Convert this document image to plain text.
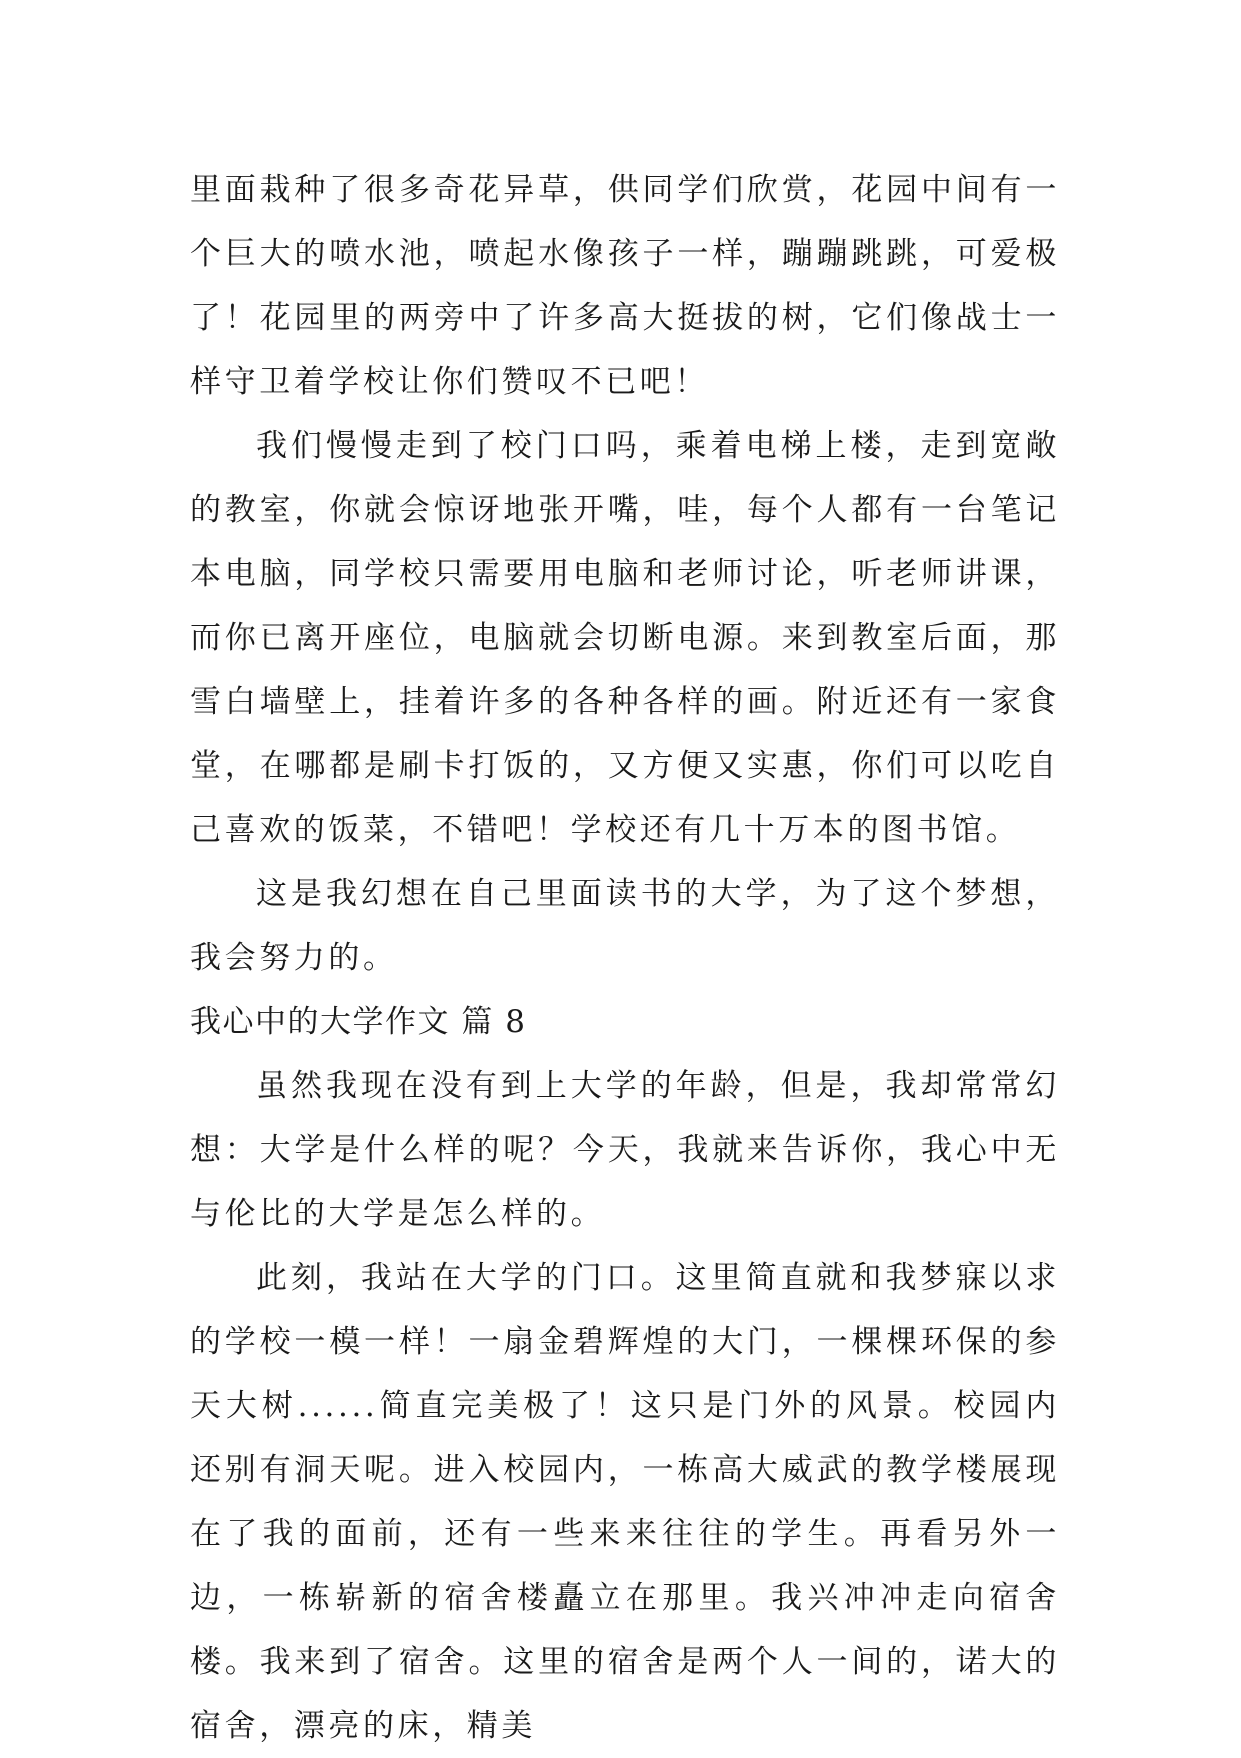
里面栽种了很多奇花异草，供同学们欣赏，花园中间有一个巨大的喷水池，喷起水像孩子一样，蹦蹦跳跳，可爱极了！花园里的两旁中了许多高大挺拔的树，它们像战士一样守卫着学校让你们赞叹不已吧！

我们慢慢走到了校门口吗，乘着电梯上楼，走到宽敞的教室，你就会惊讶地张开嘴，哇，每个人都有一台笔记本电脑，同学校只需要用电脑和老师讨论，听老师讲课，而你已离开座位，电脑就会切断电源。来到教室后面，那雪白墙壁上，挂着许多的各种各样的画。附近还有一家食堂，在哪都是刷卡打饭的，又方便又实惠，你们可以吃自己喜欢的饭菜，不错吧！学校还有几十万本的图书馆。

这是我幻想在自己里面读书的大学，为了这个梦想，我会努力的。

我心中的大学作文 篇 8

虽然我现在没有到上大学的年龄，但是，我却常常幻想：大学是什么样的呢？今天，我就来告诉你，我心中无与伦比的大学是怎么样的。

此刻，我站在大学的门口。这里简直就和我梦寐以求的学校一模一样！一扇金碧辉煌的大门，一棵棵环保的参天大树......简直完美极了！这只是门外的风景。校园内还别有洞天呢。进入校园内，一栋高大威武的教学楼展现在了我的面前，还有一些来来往往的学生。再看另外一边，一栋崭新的宿舍楼矗立在那里。我兴冲冲走向宿舍楼。我来到了宿舍。这里的宿舍是两个人一间的，诺大的宿舍，漂亮的床，精美
